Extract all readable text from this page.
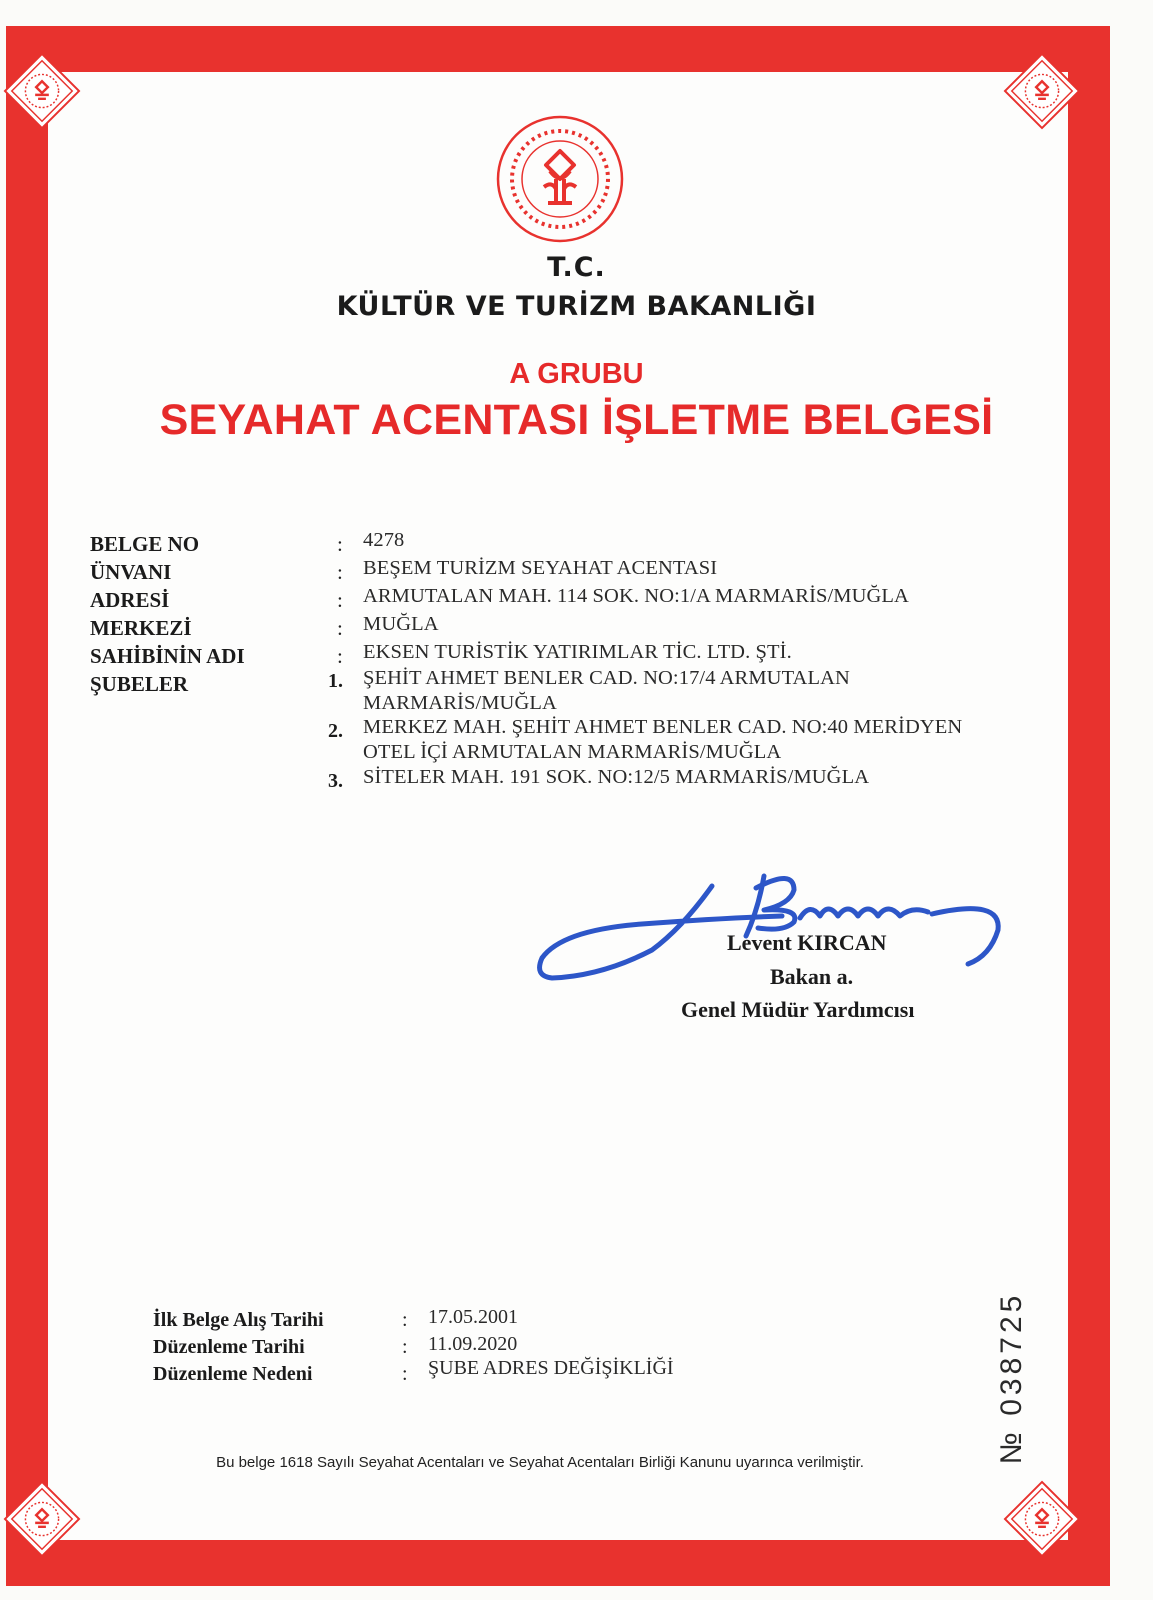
T.C.
KÜLTÜR VE TURİZM BAKANLIĞI
A GRUBU
SEYAHAT ACENTASI İŞLETME BELGESİ
BELGE NO	: 4278
ÜNVANI	: BEŞEM TURİZM SEYAHAT ACENTASI
ADRESİ	: ARMUTALAN MAH. 114 SOK. NO:1/A MARMARİS/MUĞLA
MERKEZİ	: MUĞLA
SAHİBİNİN ADI	: EKSEN TURİSTİK YATIRIMLAR TİC. LTD. ŞTİ.
ŞUBELER	1. ŞEHİT AHMET BENLER CAD. NO:17/4 ARMUTALAN
MARMARİS/MUĞLA
2. MERKEZ MAH. ŞEHİT AHMET BENLER CAD. NO:40 MERİDYEN
OTEL İÇİ ARMUTALAN MARMARİS/MUĞLA
3. SİTELER MAH. 191 SOK. NO:12/5 MARMARİS/MUĞLA
Levent KIRCAN
Bakan a.
Genel Müdür Yardımcısı
İlk Belge Alış Tarihi	: 17.05.2001
Düzenleme Tarihi	: 11.09.2020
Düzenleme Nedeni	: ŞUBE ADRES DEĞİŞİKLİĞİ
Bu belge 1618 Sayılı Seyahat Acentaları ve Seyahat Acentaları Birliği Kanunu uyarınca verilmiştir.	№ 038725
